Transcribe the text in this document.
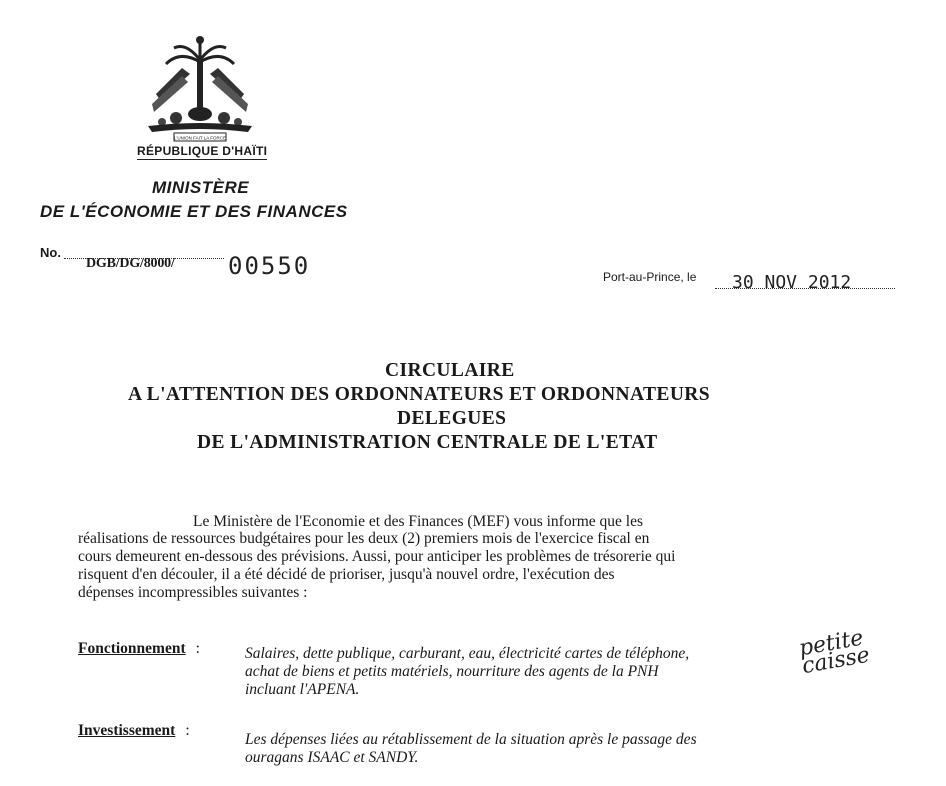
L'UNION FAIT LA FORCE
RÉPUBLIQUE D'HAÏTI
MINISTÈRE
DE L'ÉCONOMIE ET DES FINANCES
No.
DGB/DG/8000/ 00550	Port-au-Prince, le 30 NOV 2012
CIRCULAIRE
A L'ATTENTION DES ORDONNATEURS ET ORDONNATEURS
DELEGUES
DE L'ADMINISTRATION CENTRALE DE L'ETAT
Le Ministère de l'Economie et des Finances (MEF) vous informe que les
réalisations de ressources budgétaires pour les deux (2) premiers mois de l'exercice fiscal en
cours demeurent en-dessous des prévisions. Aussi, pour anticiper les problèmes de trésorerie qui
risquent d'en découler, il a été décidé de prioriser, jusqu'à nouvel ordre, l'exécution des
dépenses incompressibles suivantes :
Fonctionnement :	Salaires, dette publique, carburant, eau, électricité cartes de téléphone,
achat de biens et petits matériels, nourriture des agents de la PNH
incluant l'APENA.
Investissement :
Les dépenses liées au rétablissement de la situation après le passage des
ouragans ISAAC et SANDY.
petite caisse
